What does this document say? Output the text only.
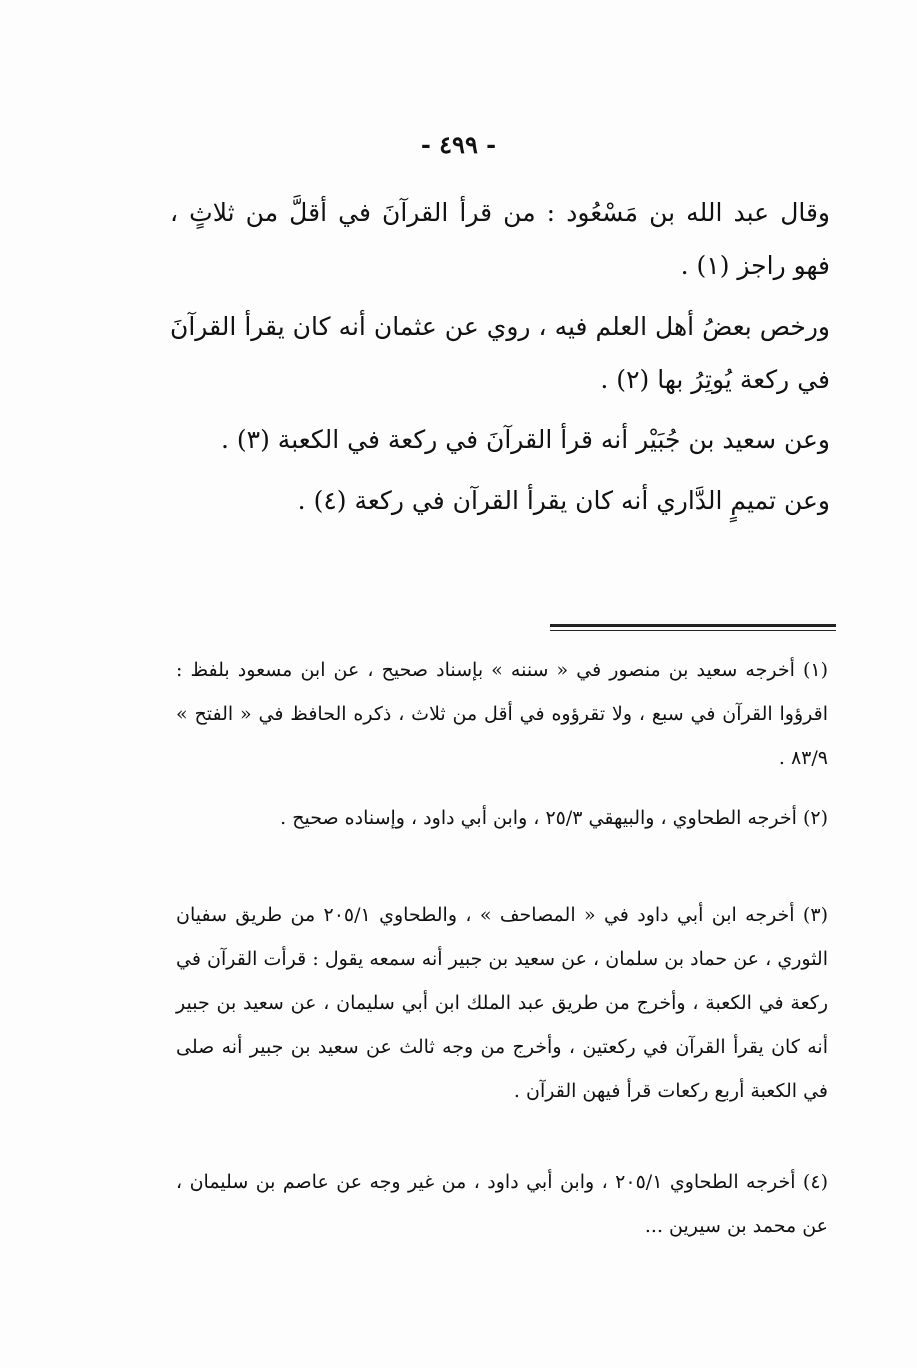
- ٤٩٩ -

وقال عبد الله بن مَسْعُود : من قرأ القرآنَ في أقلَّ من ثلاثٍ ، فهو راجز (١) .

ورخص بعضُ أهل العلم فيه ، روي عن عثمان أنه كان يقرأ القرآنَ في ركعة يُوتِرُ بها (٢) .

وعن سعيد بن جُبَيْر أنه قرأ القرآنَ في ركعة في الكعبة (٣) .

وعن تميمٍ الدَّاري أنه كان يقرأ القرآن في ركعة (٤) .

(١) أخرجه سعيد بن منصور في « سننه » بإسناد صحيح ، عن ابن مسعود بلفظ : اقرؤوا القرآن في سبع ، ولا تقرؤوه في أقل من ثلاث ، ذكره الحافظ في « الفتح » ٨٣/٩ .

(٢) أخرجه الطحاوي ، والبيهقي ٢٥/٣ ، وابن أبي داود ، وإسناده صحيح .

(٣) أخرجه ابن أبي داود في « المصاحف » ، والطحاوي ٢٠٥/١ من طريق سفيان الثوري ، عن حماد بن سلمان ، عن سعيد بن جبير أنه سمعه يقول : قرأت القرآن في ركعة في الكعبة ، وأخرج من طريق عبد الملك ابن أبي سليمان ، عن سعيد بن جبير أنه كان يقرأ القرآن في ركعتين ، وأخرج من وجه ثالث عن سعيد بن جبير أنه صلى في الكعبة أربع ركعات قرأ فيهن القرآن .

(٤) أخرجه الطحاوي ٢٠٥/١ ، وابن أبي داود ، من غير وجه عن عاصم بن سليمان ، عن محمد بن سيرين ...
